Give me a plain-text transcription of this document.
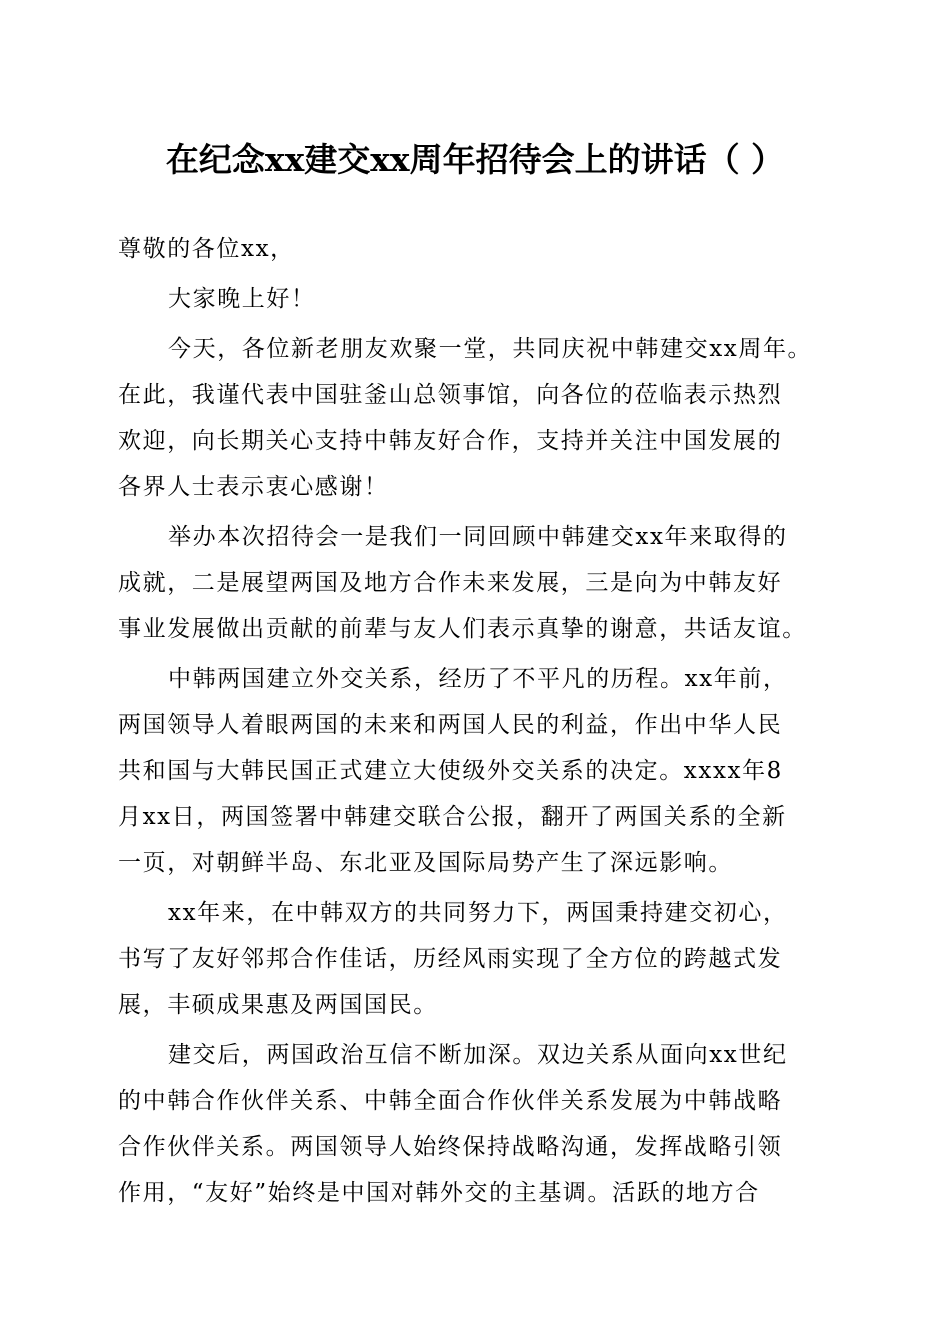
在纪念xx建交xx周年招待会上的讲话（ ）
尊敬的各位xx，
大家晚上好！
今天，各位新老朋友欢聚一堂，共同庆祝中韩建交xx周年。
在此，我谨代表中国驻釜山总领事馆，向各位的莅临表示热烈
欢迎，向长期关心支持中韩友好合作，支持并关注中国发展的
各界人士表示衷心感谢！
举办本次招待会一是我们一同回顾中韩建交xx年来取得的
成就，二是展望两国及地方合作未来发展，三是向为中韩友好
事业发展做出贡献的前辈与友人们表示真挚的谢意，共话友谊。
中韩两国建立外交关系，经历了不平凡的历程。xx年前，
两国领导人着眼两国的未来和两国人民的利益，作出中华人民
共和国与大韩民国正式建立大使级外交关系的决定。xxxx年8
月xx日，两国签署中韩建交联合公报，翻开了两国关系的全新
一页，对朝鲜半岛、东北亚及国际局势产生了深远影响。
xx年来，在中韩双方的共同努力下，两国秉持建交初心，
书写了友好邻邦合作佳话，历经风雨实现了全方位的跨越式发
展，丰硕成果惠及两国国民。
建交后，两国政治互信不断加深。双边关系从面向xx世纪
的中韩合作伙伴关系、中韩全面合作伙伴关系发展为中韩战略
合作伙伴关系。两国领导人始终保持战略沟通，发挥战略引领
作用，“友好”始终是中国对韩外交的主基调。活跃的地方合
